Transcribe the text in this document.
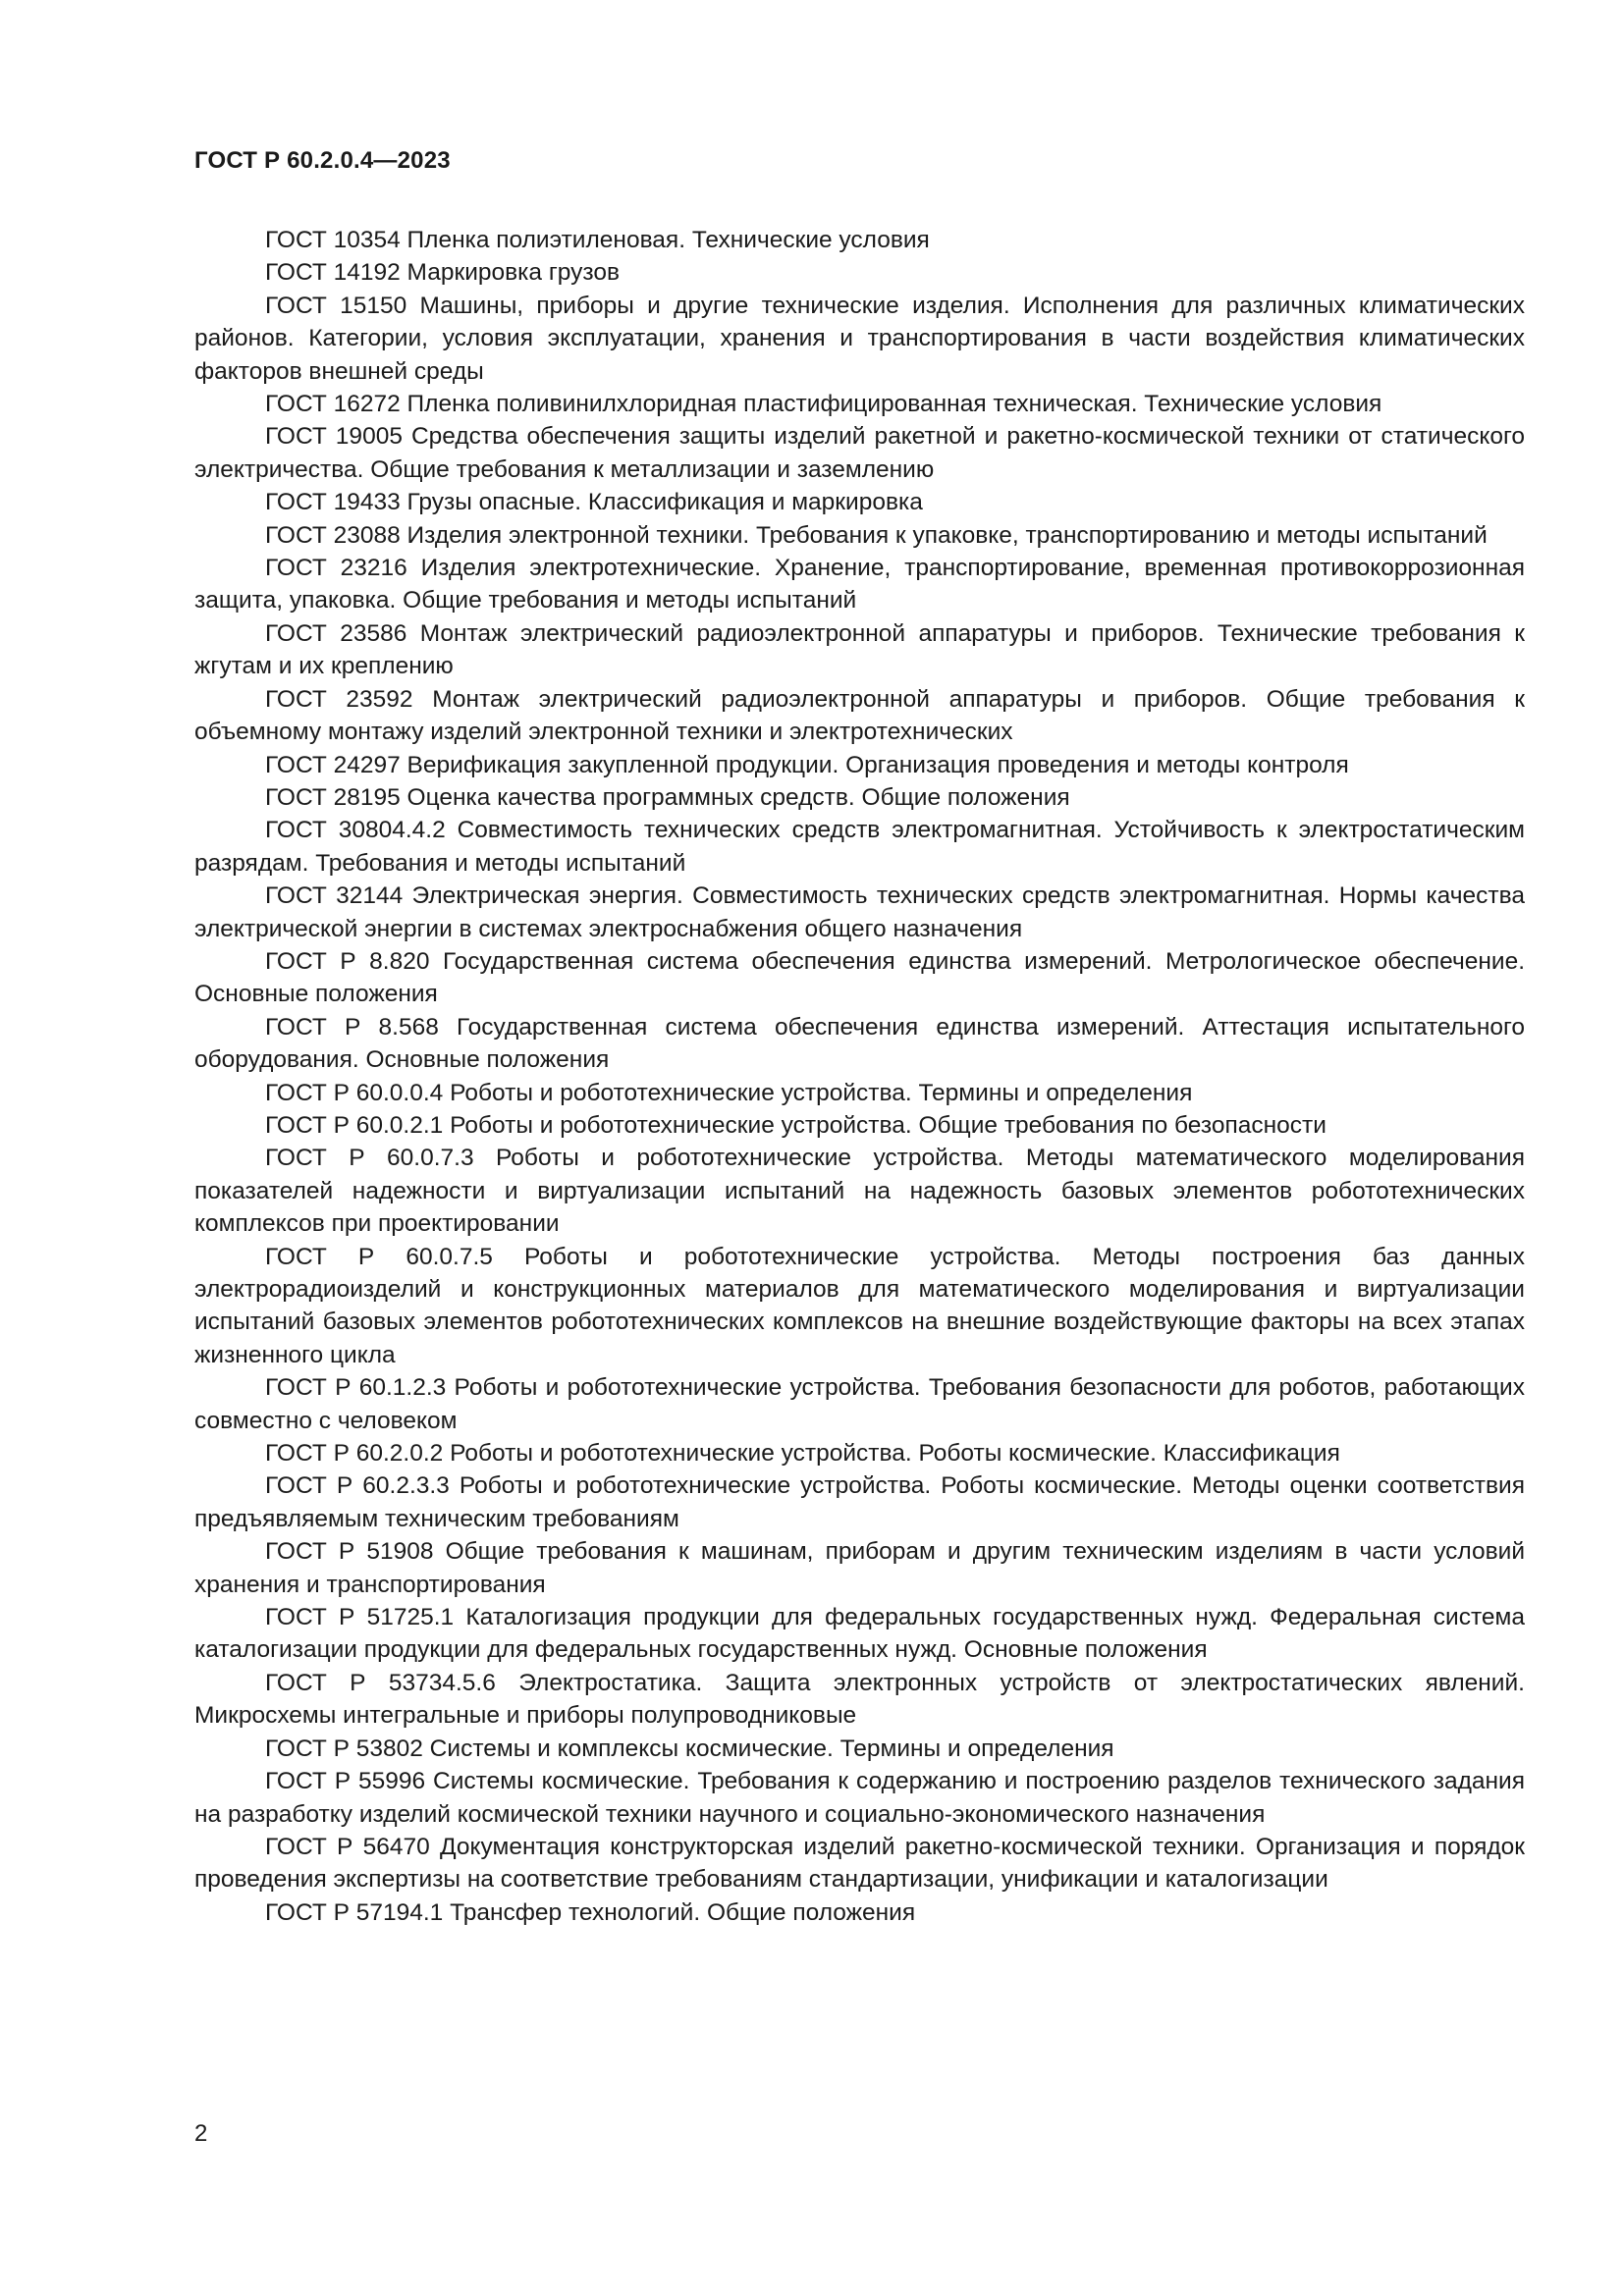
ГОСТ Р 60.2.0.4—2023

ГОСТ 10354 Пленка полиэтиленовая. Технические условия

ГОСТ 14192 Маркировка грузов

ГОСТ 15150 Машины, приборы и другие технические изделия. Исполнения для различных климатических районов. Категории, условия эксплуатации, хранения и транспортирования в части воздействия климатических факторов внешней среды

ГОСТ 16272 Пленка поливинилхлоридная пластифицированная техническая. Технические условия

ГОСТ 19005 Средства обеспечения защиты изделий ракетной и ракетно-космической техники от статического электричества. Общие требования к металлизации и заземлению

ГОСТ 19433 Грузы опасные. Классификация и маркировка

ГОСТ 23088 Изделия электронной техники. Требования к упаковке, транспортированию и методы испытаний

ГОСТ 23216 Изделия электротехнические. Хранение, транспортирование, временная противокоррозионная защита, упаковка. Общие требования и методы испытаний

ГОСТ 23586 Монтаж электрический радиоэлектронной аппаратуры и приборов. Технические требования к жгутам и их креплению

ГОСТ 23592 Монтаж электрический радиоэлектронной аппаратуры и приборов. Общие требования к объемному монтажу изделий электронной техники и электротехнических

ГОСТ 24297 Верификация закупленной продукции. Организация проведения и методы контроля

ГОСТ 28195 Оценка качества программных средств. Общие положения

ГОСТ 30804.4.2 Совместимость технических средств электромагнитная. Устойчивость к электростатическим разрядам. Требования и методы испытаний

ГОСТ 32144 Электрическая энергия. Совместимость технических средств электромагнитная. Нормы качества электрической энергии в системах электроснабжения общего назначения

ГОСТ Р 8.820 Государственная система обеспечения единства измерений. Метрологическое обеспечение. Основные положения

ГОСТ Р 8.568 Государственная система обеспечения единства измерений. Аттестация испытательного оборудования. Основные положения

ГОСТ Р 60.0.0.4 Роботы и робототехнические устройства. Термины и определения

ГОСТ Р 60.0.2.1 Роботы и робототехнические устройства. Общие требования по безопасности

ГОСТ Р 60.0.7.3 Роботы и робототехнические устройства. Методы математического моделирования показателей надежности и виртуализации испытаний на надежность базовых элементов робототехнических комплексов при проектировании

ГОСТ Р 60.0.7.5 Роботы и робототехнические устройства. Методы построения баз данных электрорадиоизделий и конструкционных материалов для математического моделирования и виртуализации испытаний базовых элементов робототехнических комплексов на внешние воздействующие факторы на всех этапах жизненного цикла

ГОСТ Р 60.1.2.3 Роботы и робототехнические устройства. Требования безопасности для роботов, работающих совместно с человеком

ГОСТ Р 60.2.0.2 Роботы и робототехнические устройства. Роботы космические. Классификация

ГОСТ Р 60.2.3.3 Роботы и робототехнические устройства. Роботы космические. Методы оценки соответствия предъявляемым техническим требованиям

ГОСТ Р 51908 Общие требования к машинам, приборам и другим техническим изделиям в части условий хранения и транспортирования

ГОСТ Р 51725.1 Каталогизация продукции для федеральных государственных нужд. Федеральная система каталогизации продукции для федеральных государственных нужд. Основные положения

ГОСТ Р 53734.5.6 Электростатика. Защита электронных устройств от электростатических явлений. Микросхемы интегральные и приборы полупроводниковые

ГОСТ Р 53802 Системы и комплексы космические. Термины и определения

ГОСТ Р 55996 Системы космические. Требования к содержанию и построению разделов технического задания на разработку изделий космической техники научного и социально-экономического назначения

ГОСТ Р 56470 Документация конструкторская изделий ракетно-космической техники. Организация и порядок проведения экспертизы на соответствие требованиям стандартизации, унификации и каталогизации

ГОСТ Р 57194.1 Трансфер технологий. Общие положения

2
